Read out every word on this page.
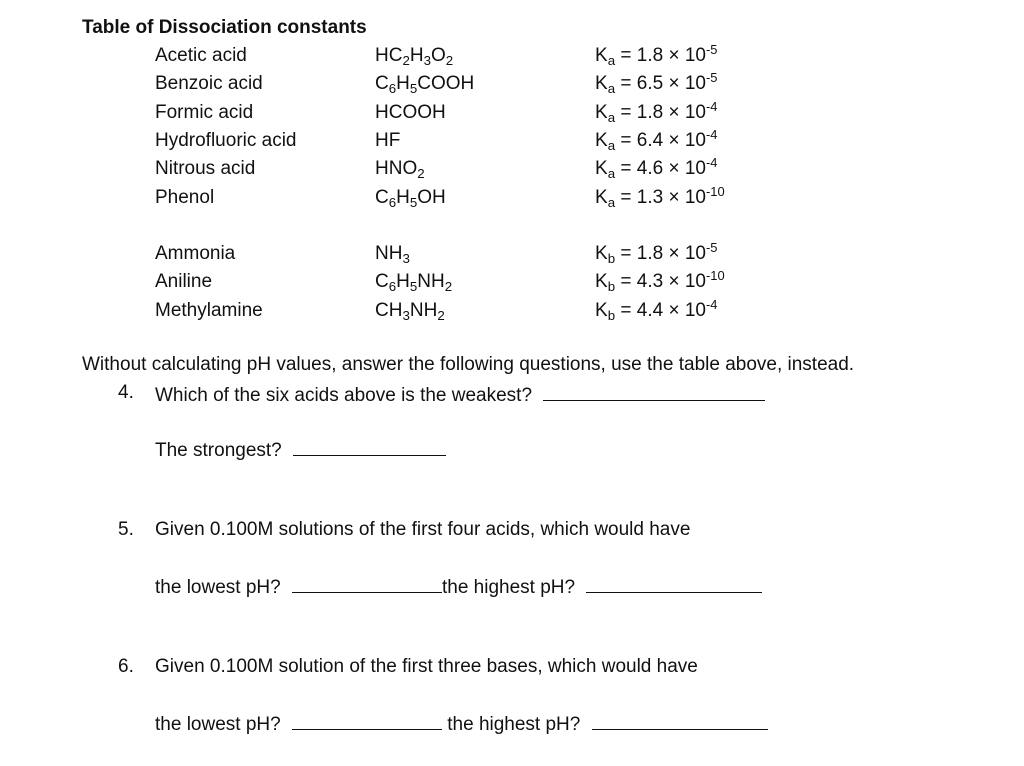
Table of Dissociation constants
Acetic acid	$HC_2H_3O_2$	$K_a = 1.8 \times 10^{-5}$
Benzoic acid	$C_6H_5COOH$	$K_a = 6.5 \times 10^{-5}$
Formic acid	HCOOH	$K_a = 1.8 \times 10^{-4}$
Hydrofluoric acid	HF	$K_a = 6.4 \times 10^{-4}$
Nitrous acid	$HNO_2$	$K_a = 4.6 \times 10^{-4}$
Phenol	$C_6H_5OH$	$K_a = 1.3 \times 10^{-10}$
Ammonia	$NH_3$	$K_b = 1.8 \times 10^{-5}$
Aniline	$C_6H_5NH_2$	$K_b = 4.3 \times 10^{-10}$
Methylamine	$CH_3NH_2$	$K_b = 4.4 \times 10^{-4}$
Without calculating pH values, answer the following questions, use the table above, instead.
4. Which of the six acids above is the weakest?
The strongest?
5. Given 0.100M solutions of the first four acids, which would have
the lowest pH?	the highest pH?
6. Given 0.100M solution of the first three bases, which would have
the lowest pH?	the highest pH?
